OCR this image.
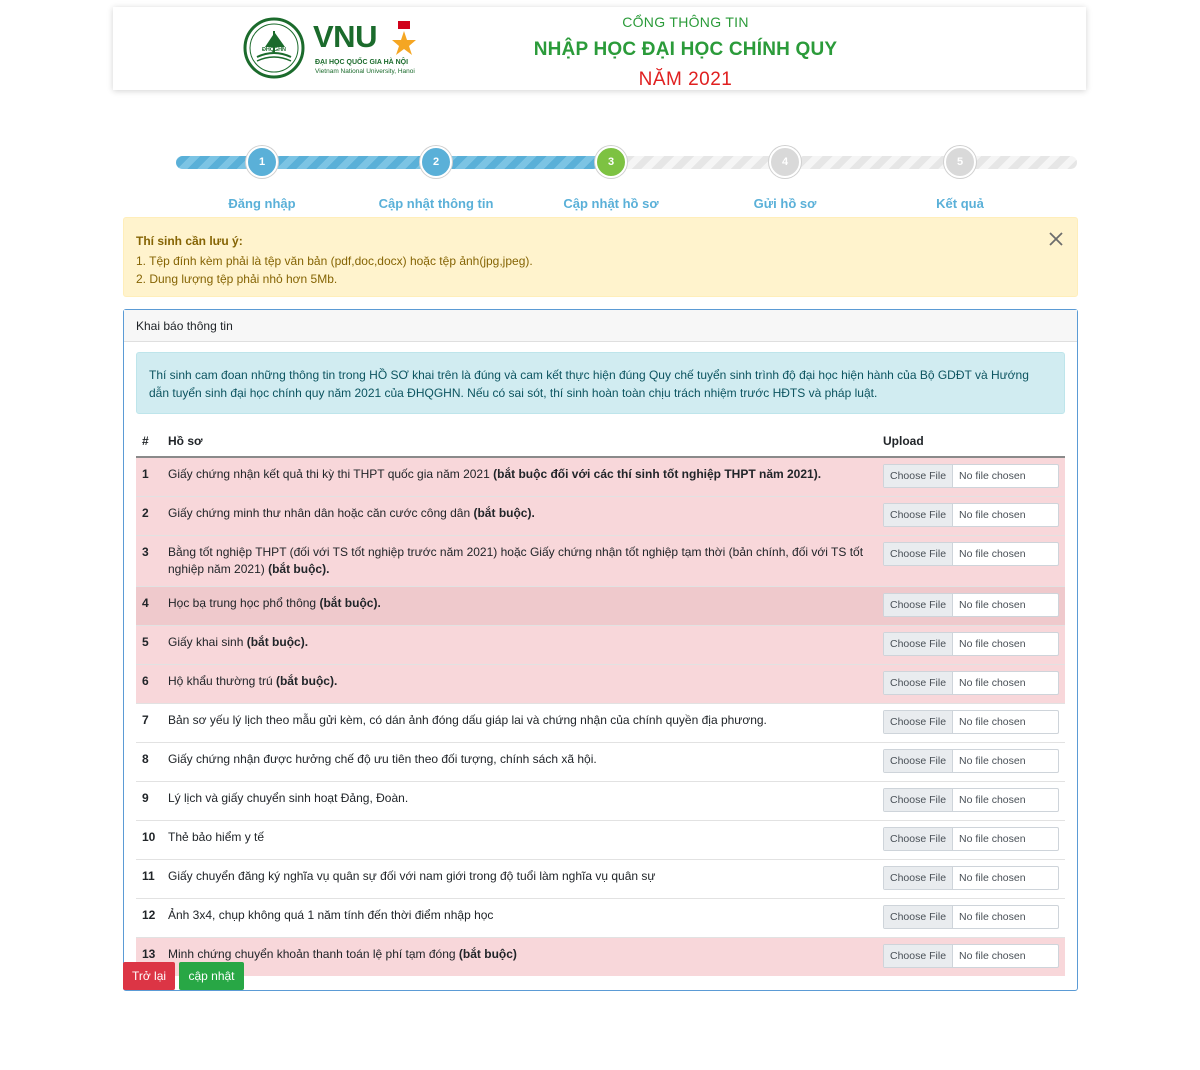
ĐHQGHN VNU
ĐẠI HỌC QUỐC GIA HÀ NỘI
Vietnam National University, Hanoi
CỔNG THÔNG TIN
NHẬP HỌC ĐẠI HỌC CHÍNH QUY
NĂM 2021
1	2	3	4	5
Đăng nhập	Cập nhật thông tin	Cập nhật hồ sơ	Gửi hồ sơ	Kết quả
Thí sinh cần lưu ý:
1. Tệp đính kèm phải là tệp văn bản (pdf,doc,docx) hoặc tệp ảnh(jpg,jpeg).
2. Dung lượng tệp phải nhỏ hơn 5Mb.
Khai báo thông tin
Thí sinh cam đoan những thông tin trong HỒ SƠ khai trên là đúng và cam kết thực hiện đúng Quy chế tuyển sinh trình độ đại học hiện hành của Bộ GDĐT và Hướng dẫn tuyển sinh đại học chính quy năm 2021 của ĐHQGHN. Nếu có sai sót, thí sinh hoàn toàn chịu trách nhiệm trước HĐTS và pháp luật.
#	Hồ sơ	Upload
1	Giấy chứng nhận kết quả thi kỳ thi THPT quốc gia năm 2021 (bắt buộc đối với các thí sinh tốt nghiệp THPT năm 2021).	Choose File No file chosen

2	Giấy chứng minh thư nhân dân hoặc căn cước công dân (bắt buộc).	Choose File No file chosen

3	Bằng tốt nghiệp THPT (đối với TS tốt nghiệp trước năm 2021) hoặc Giấy chứng nhận tốt nghiệp tạm thời (bản chính, đối với TS tốt nghiệp năm 2021) (bắt buộc).	Choose File No file chosen

4	Học bạ trung học phổ thông (bắt buộc).	Choose File No file chosen

5	Giấy khai sinh (bắt buộc).	Choose File No file chosen

6	Hộ khẩu thường trú (bắt buộc).	Choose File No file chosen

7	Bản sơ yếu lý lịch theo mẫu gửi kèm, có dán ảnh đóng dấu giáp lai và chứng nhận của chính quyền địa phương.	Choose File No file chosen

8	Giấy chứng nhận được hưởng chế độ ưu tiên theo đối tượng, chính sách xã hội.	Choose File No file chosen

9	Lý lịch và giấy chuyển sinh hoạt Đảng, Đoàn.	Choose File No file chosen

10	Thẻ bảo hiểm y tế	Choose File No file chosen

11	Giấy chuyển đăng ký nghĩa vụ quân sự đối với nam giới trong độ tuổi làm nghĩa vụ quân sự	Choose File No file chosen

12	Ảnh 3x4, chụp không quá 1 năm tính đến thời điểm nhập học	Choose File No file chosen

13	Minh chứng chuyển khoản thanh toán lệ phí tạm đóng (bắt buộc)	Choose File No file chosen
Trở lại	cập nhật
